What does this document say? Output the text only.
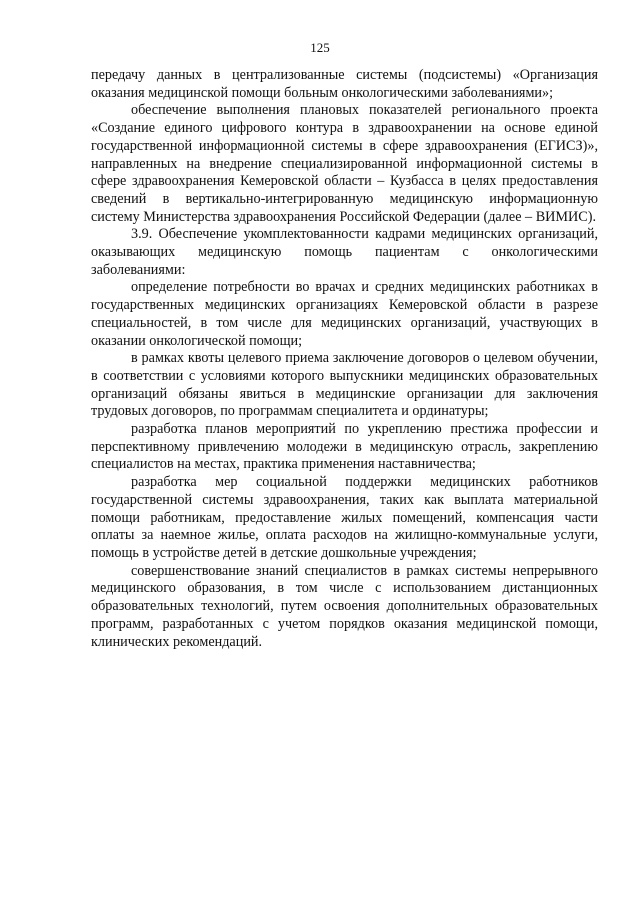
125

передачу данных в централизованные системы (подсистемы) «Организация оказания медицинской помощи больным онкологическими заболеваниями»;

обеспечение выполнения плановых показателей регионального проекта «Создание единого цифрового контура в здравоохранении на основе единой государственной информационной системы в сфере здравоохранения (ЕГИСЗ)», направленных на внедрение специализированной информационной системы в сфере здравоохранения Кемеровской области – Кузбасса в целях предоставления сведений в вертикально-интегрированную медицинскую информационную систему Министерства здравоохранения Российской Федерации (далее – ВИМИС).

3.9. Обеспечение укомплектованности кадрами медицинских организаций, оказывающих медицинскую помощь пациентам с онкологическими заболеваниями:

определение потребности во врачах и средних медицинских работниках в государственных медицинских организациях Кемеровской области в разрезе специальностей, в том числе для медицинских организаций, участвующих в оказании онкологической помощи;

в рамках квоты целевого приема заключение договоров о целевом обучении, в соответствии с условиями которого выпускники медицинских образовательных организаций обязаны явиться в медицинские организации для заключения трудовых договоров, по программам специалитета и ординатуры;

разработка планов мероприятий по укреплению престижа профессии и перспективному привлечению молодежи в медицинскую отрасль, закреплению специалистов на местах, практика применения наставничества;

разработка мер социальной поддержки медицинских работников государственной системы здравоохранения, таких как выплата материальной помощи работникам, предоставление жилых помещений, компенсация части оплаты за наемное жилье, оплата расходов на жилищно-коммунальные услуги, помощь в устройстве детей в детские дошкольные учреждения;

совершенствование знаний специалистов в рамках системы непрерывного медицинского образования, в том числе с использованием дистанционных образовательных технологий, путем освоения дополнительных образовательных программ, разработанных с учетом порядков оказания медицинской помощи, клинических рекомендаций.
